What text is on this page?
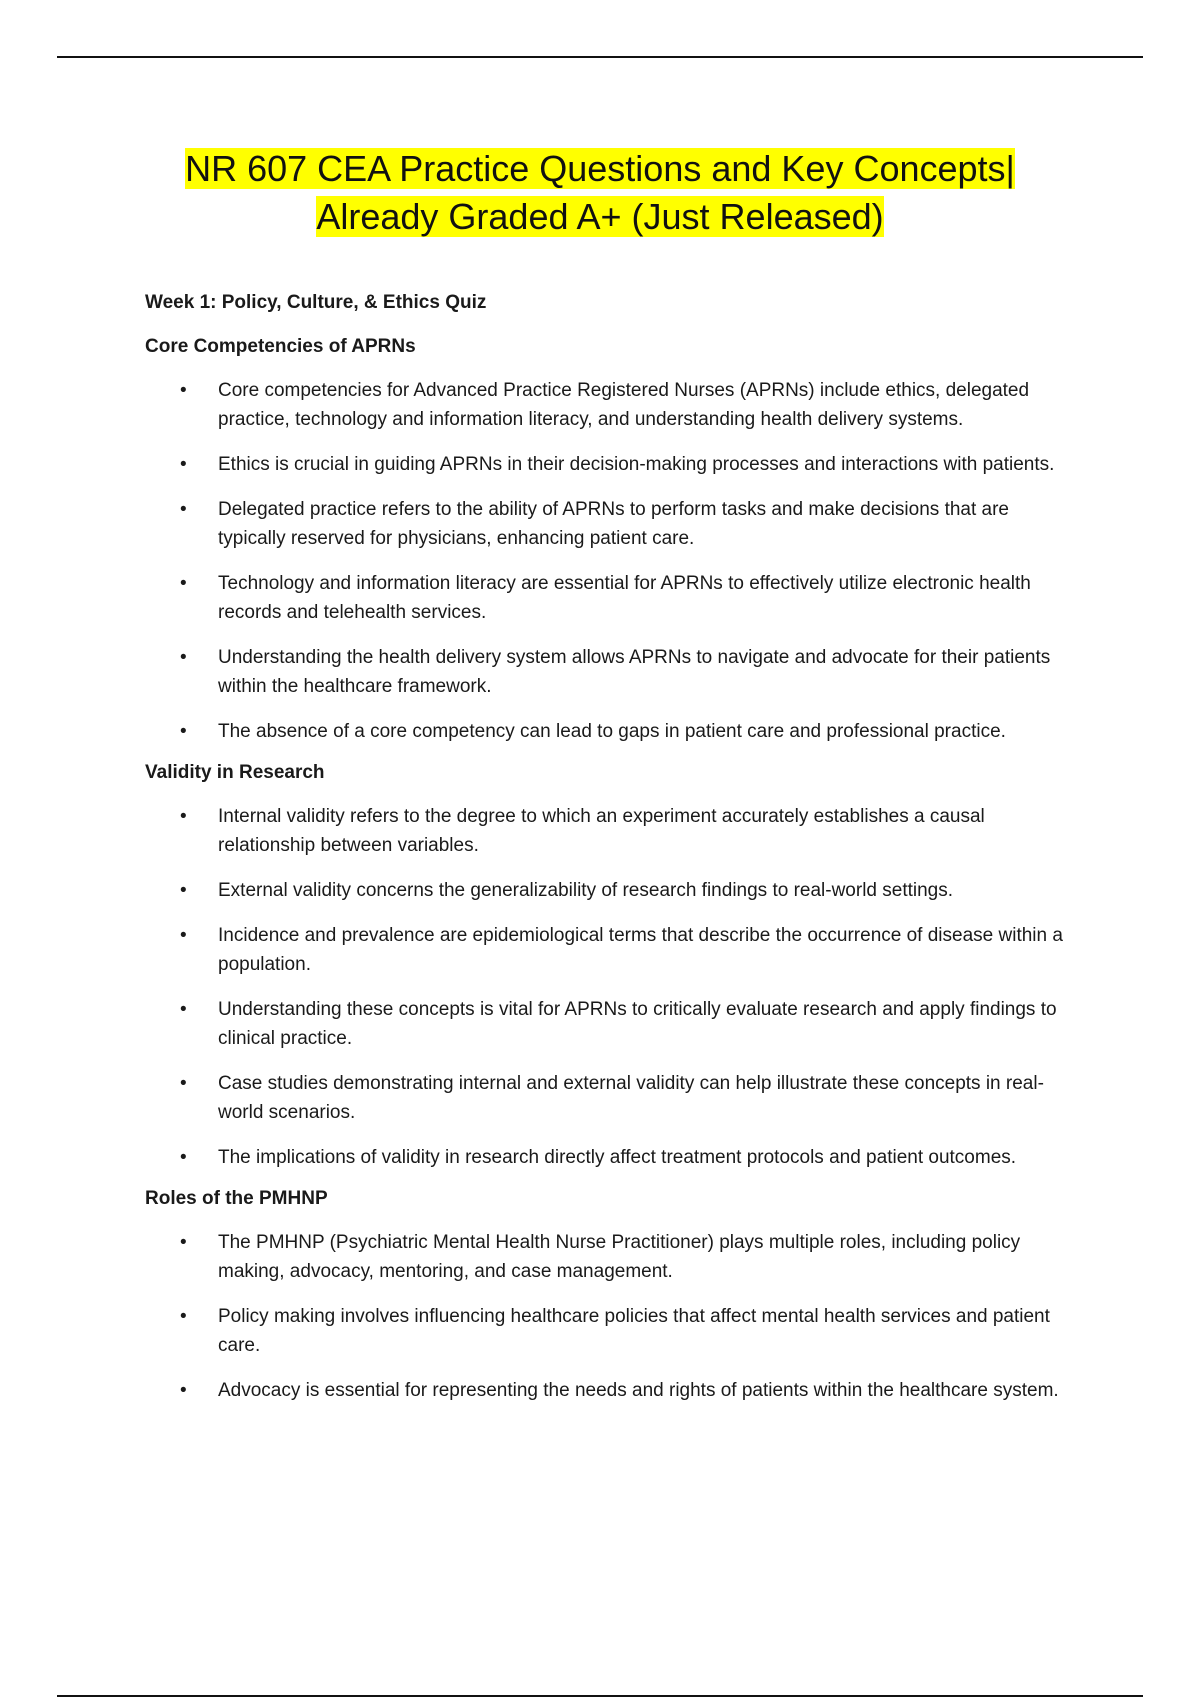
NR 607 CEA Practice Questions and Key Concepts|
Already Graded A+ (Just Released)

Week 1: Policy, Culture, & Ethics Quiz

Core Competencies of APRNs

• Core competencies for Advanced Practice Registered Nurses (APRNs) include ethics, delegated practice, technology and information literacy, and understanding health delivery systems.
• Ethics is crucial in guiding APRNs in their decision-making processes and interactions with patients.
• Delegated practice refers to the ability of APRNs to perform tasks and make decisions that are typically reserved for physicians, enhancing patient care.
• Technology and information literacy are essential for APRNs to effectively utilize electronic health records and telehealth services.
• Understanding the health delivery system allows APRNs to navigate and advocate for their patients within the healthcare framework.
• The absence of a core competency can lead to gaps in patient care and professional practice.

Validity in Research

• Internal validity refers to the degree to which an experiment accurately establishes a causal relationship between variables.
• External validity concerns the generalizability of research findings to real-world settings.
• Incidence and prevalence are epidemiological terms that describe the occurrence of disease within a population.
• Understanding these concepts is vital for APRNs to critically evaluate research and apply findings to clinical practice.
• Case studies demonstrating internal and external validity can help illustrate these concepts in real-world scenarios.
• The implications of validity in research directly affect treatment protocols and patient outcomes.

Roles of the PMHNP

• The PMHNP (Psychiatric Mental Health Nurse Practitioner) plays multiple roles, including policy making, advocacy, mentoring, and case management.
• Policy making involves influencing healthcare policies that affect mental health services and patient care.
• Advocacy is essential for representing the needs and rights of patients within the healthcare system.
